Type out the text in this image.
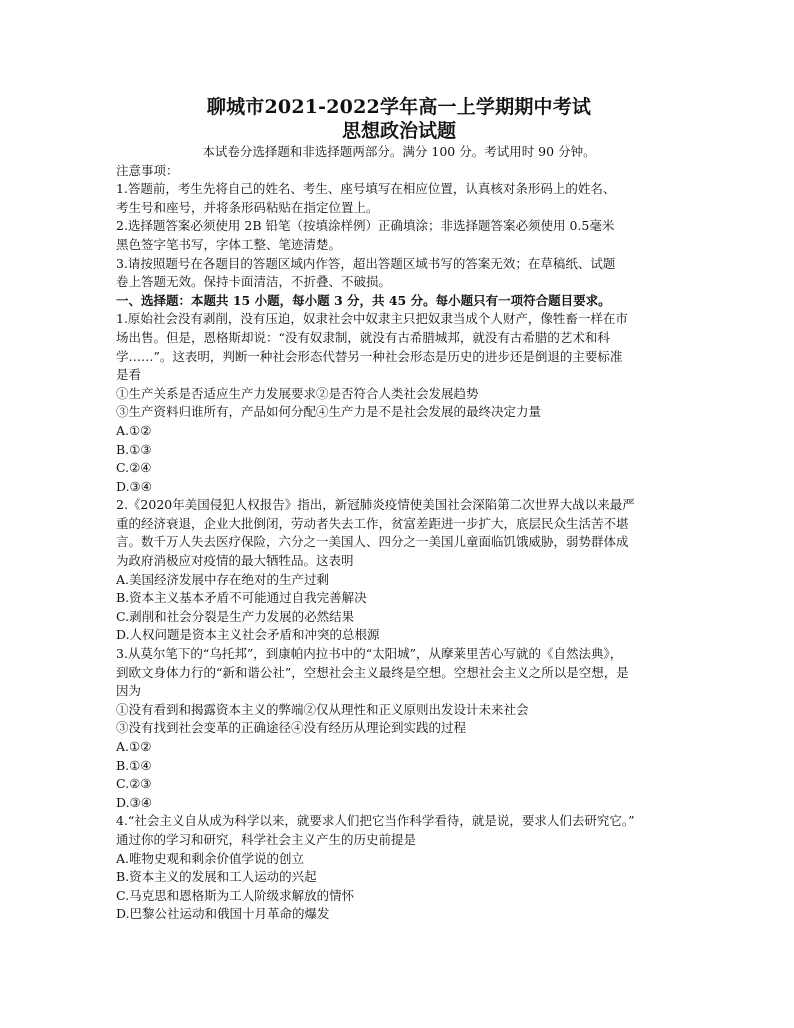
聊城市2021-2022学年高一上学期期中考试
思想政治试题
本试卷分选择题和非选择题两部分。满分 100 分。考试用时 90 分钟。
注意事项：
1.答题前，考生先将自己的姓名、考生、座号填写在相应位置，认真核对条形码上的姓名、
考生号和座号，并将条形码粘贴在指定位置上。
2.选择题答案必须使用 2B 铅笔（按填涂样例）正确填涂；非选择题答案必须使用 0.5毫米
黑色签字笔书写，字体工整、笔迹清楚。
3.请按照题号在各题目的答题区域内作答，超出答题区域书写的答案无效；在草稿纸、试题
卷上答题无效。保持卡面清洁，不折叠、不破损。
一、选择题：本题共 15 小题，每小题 3 分，共 45 分。每小题只有一项符合题目要求。
1.原始社会没有剥削，没有压迫，奴隶社会中奴隶主只把奴隶当成个人财产，像牲畜一样在市
场出售。但是，恩格斯却说：“没有奴隶制，就没有古希腊城邦，就没有古希腊的艺术和科
学……”。这表明，判断一种社会形态代替另一种社会形态是历史的进步还是倒退的主要标准
是看
①生产关系是否适应生产力发展要求②是否符合人类社会发展趋势
③生产资料归谁所有，产品如何分配④生产力是不是社会发展的最终决定力量
A.①②
B.①③
C.②④
D.③④
2.《2020年美国侵犯人权报告》指出，新冠肺炎疫情使美国社会深陷第二次世界大战以来最严
重的经济衰退，企业大批倒闭，劳动者失去工作，贫富差距进一步扩大，底层民众生活苦不堪
言。数千万人失去医疗保险，六分之一美国人、四分之一美国儿童面临饥饿威胁，弱势群体成
为政府消极应对疫情的最大牺牲品。这表明
A.美国经济发展中存在绝对的生产过剩
B.资本主义基本矛盾不可能通过自我完善解决
C.剥削和社会分裂是生产力发展的必然结果
D.人权问题是资本主义社会矛盾和冲突的总根源
3.从莫尔笔下的“乌托邦”，到康帕内拉书中的“太阳城”，从摩莱里苦心写就的《自然法典》，
到欧文身体力行的“新和谐公社”，空想社会主义最终是空想。空想社会主义之所以是空想，是
因为
①没有看到和揭露资本主义的弊端②仅从理性和正义原则出发设计未来社会
③没有找到社会变革的正确途径④没有经历从理论到实践的过程
A.①②
B.①④
C.②③
D.③④
4.“社会主义自从成为科学以来，就要求人们把它当作科学看待，就是说，要求人们去研究它。”
通过你的学习和研究，科学社会主义产生的历史前提是
A.唯物史观和剩余价值学说的创立
B.资本主义的发展和工人运动的兴起
C.马克思和恩格斯为工人阶级求解放的情怀
D.巴黎公社运动和俄国十月革命的爆发
